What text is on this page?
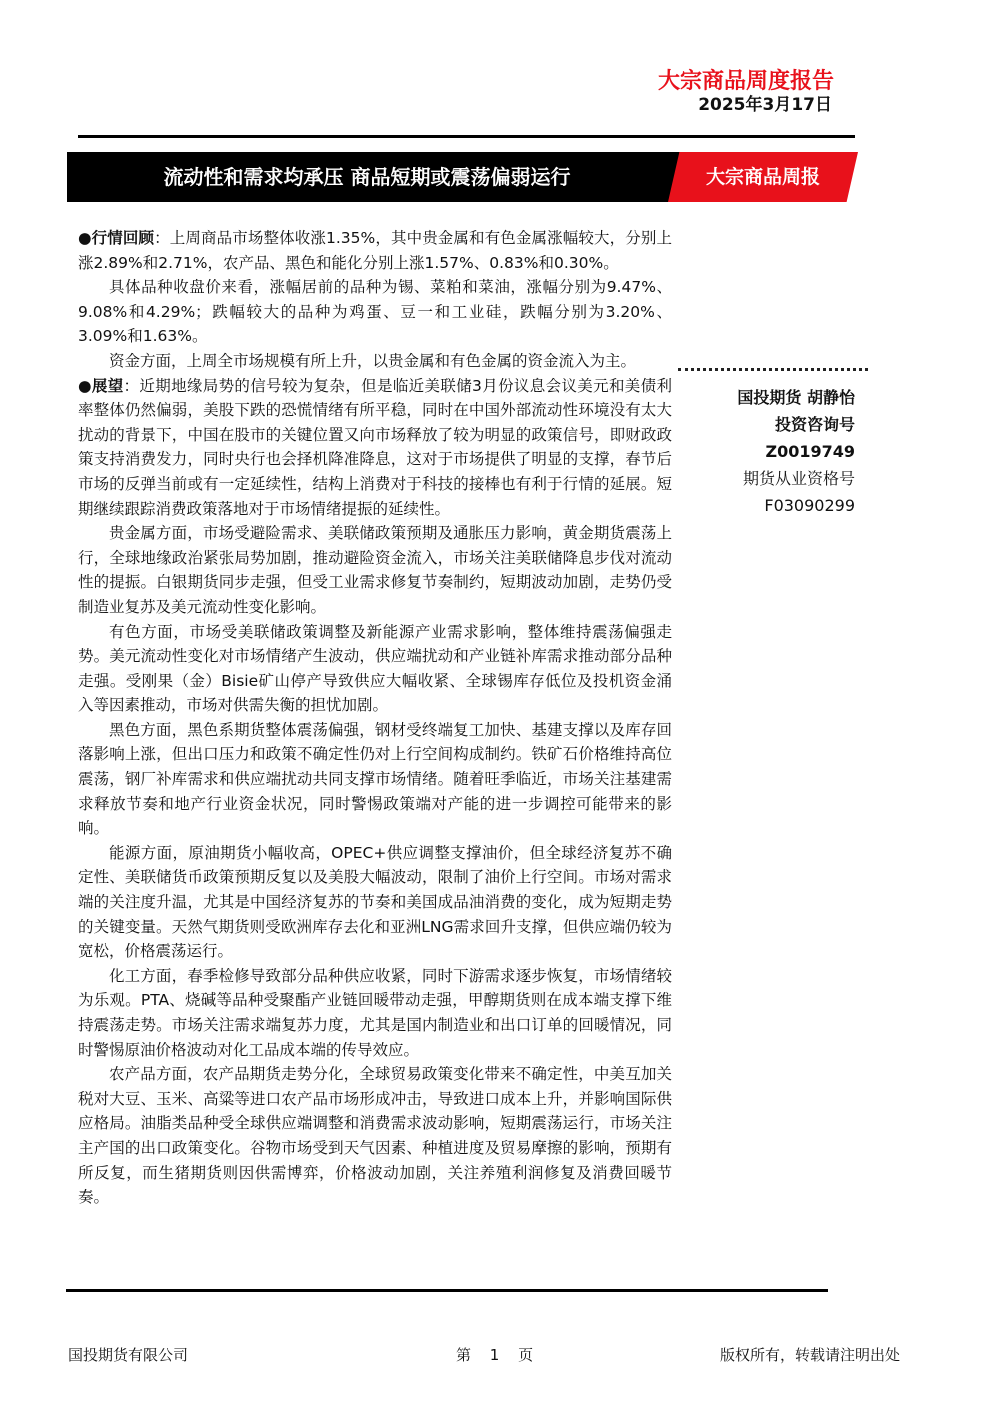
大宗商品周度报告
2025年3月17日
流动性和需求均承压 商品短期或震荡偏弱运行	大宗商品周报

●行情回顾：上周商品市场整体收涨1.35%，其中贵金属和有色金属涨幅较大，分别上涨2.89%和2.71%，农产品、黑色和能化分别上涨1.57%、0.83%和0.30%。

具体品种收盘价来看，涨幅居前的品种为锡、菜粕和菜油，涨幅分别为9.47%、9.08%和4.29%；跌幅较大的品种为鸡蛋、豆一和工业硅，跌幅分别为3.20%、3.09%和1.63%。

资金方面，上周全市场规模有所上升，以贵金属和有色金属的资金流入为主。

●展望：近期地缘局势的信号较为复杂，但是临近美联储3月份议息会议美元和美债利率整体仍然偏弱，美股下跌的恐慌情绪有所平稳，同时在中国外部流动性环境没有太大扰动的背景下，中国在股市的关键位置又向市场释放了较为明显的政策信号，即财政政策支持消费发力，同时央行也会择机降准降息，这对于市场提供了明显的支撑，春节后市场的反弹当前或有一定延续性，结构上消费对于科技的接棒也有利于行情的延展。短期继续跟踪消费政策落地对于市场情绪提振的延续性。

贵金属方面，市场受避险需求、美联储政策预期及通胀压力影响，黄金期货震荡上行，全球地缘政治紧张局势加剧，推动避险资金流入，市场关注美联储降息步伐对流动性的提振。白银期货同步走强，但受工业需求修复节奏制约，短期波动加剧，走势仍受制造业复苏及美元流动性变化影响。

有色方面，市场受美联储政策调整及新能源产业需求影响，整体维持震荡偏强走势。美元流动性变化对市场情绪产生波动，供应端扰动和产业链补库需求推动部分品种走强。受刚果（金）Bisie矿山停产导致供应大幅收紧、全球锡库存低位及投机资金涌入等因素推动，市场对供需失衡的担忧加剧。

黑色方面，黑色系期货整体震荡偏强，钢材受终端复工加快、基建支撑以及库存回落影响上涨，但出口压力和政策不确定性仍对上行空间构成制约。铁矿石价格维持高位震荡，钢厂补库需求和供应端扰动共同支撑市场情绪。随着旺季临近，市场关注基建需求释放节奏和地产行业资金状况，同时警惕政策端对产能的进一步调控可能带来的影响。

能源方面，原油期货小幅收高，OPEC+供应调整支撑油价，但全球经济复苏不确定性、美联储货币政策预期反复以及美股大幅波动，限制了油价上行空间。市场对需求端的关注度升温，尤其是中国经济复苏的节奏和美国成品油消费的变化，成为短期走势的关键变量。天然气期货则受欧洲库存去化和亚洲LNG需求回升支撑，但供应端仍较为宽松，价格震荡运行。

化工方面，春季检修导致部分品种供应收紧，同时下游需求逐步恢复，市场情绪较为乐观。PTA、烧碱等品种受聚酯产业链回暖带动走强，甲醇期货则在成本端支撑下维持震荡走势。市场关注需求端复苏力度，尤其是国内制造业和出口订单的回暖情况，同时警惕原油价格波动对化工品成本端的传导效应。

农产品方面，农产品期货走势分化，全球贸易政策变化带来不确定性，中美互加关税对大豆、玉米、高粱等进口农产品市场形成冲击，导致进口成本上升，并影响国际供应格局。油脂类品种受全球供应端调整和消费需求波动影响，短期震荡运行，市场关注主产国的出口政策变化。谷物市场受到天气因素、种植进度及贸易摩擦的影响，预期有所反复，而生猪期货则因供需博弈，价格波动加剧，关注养殖利润修复及消费回暖节奏。

国投期货 胡静怡
投资咨询号
Z0019749
期货从业资格号
F03090299
国投期货有限公司	第 1 页	版权所有，转载请注明出处
